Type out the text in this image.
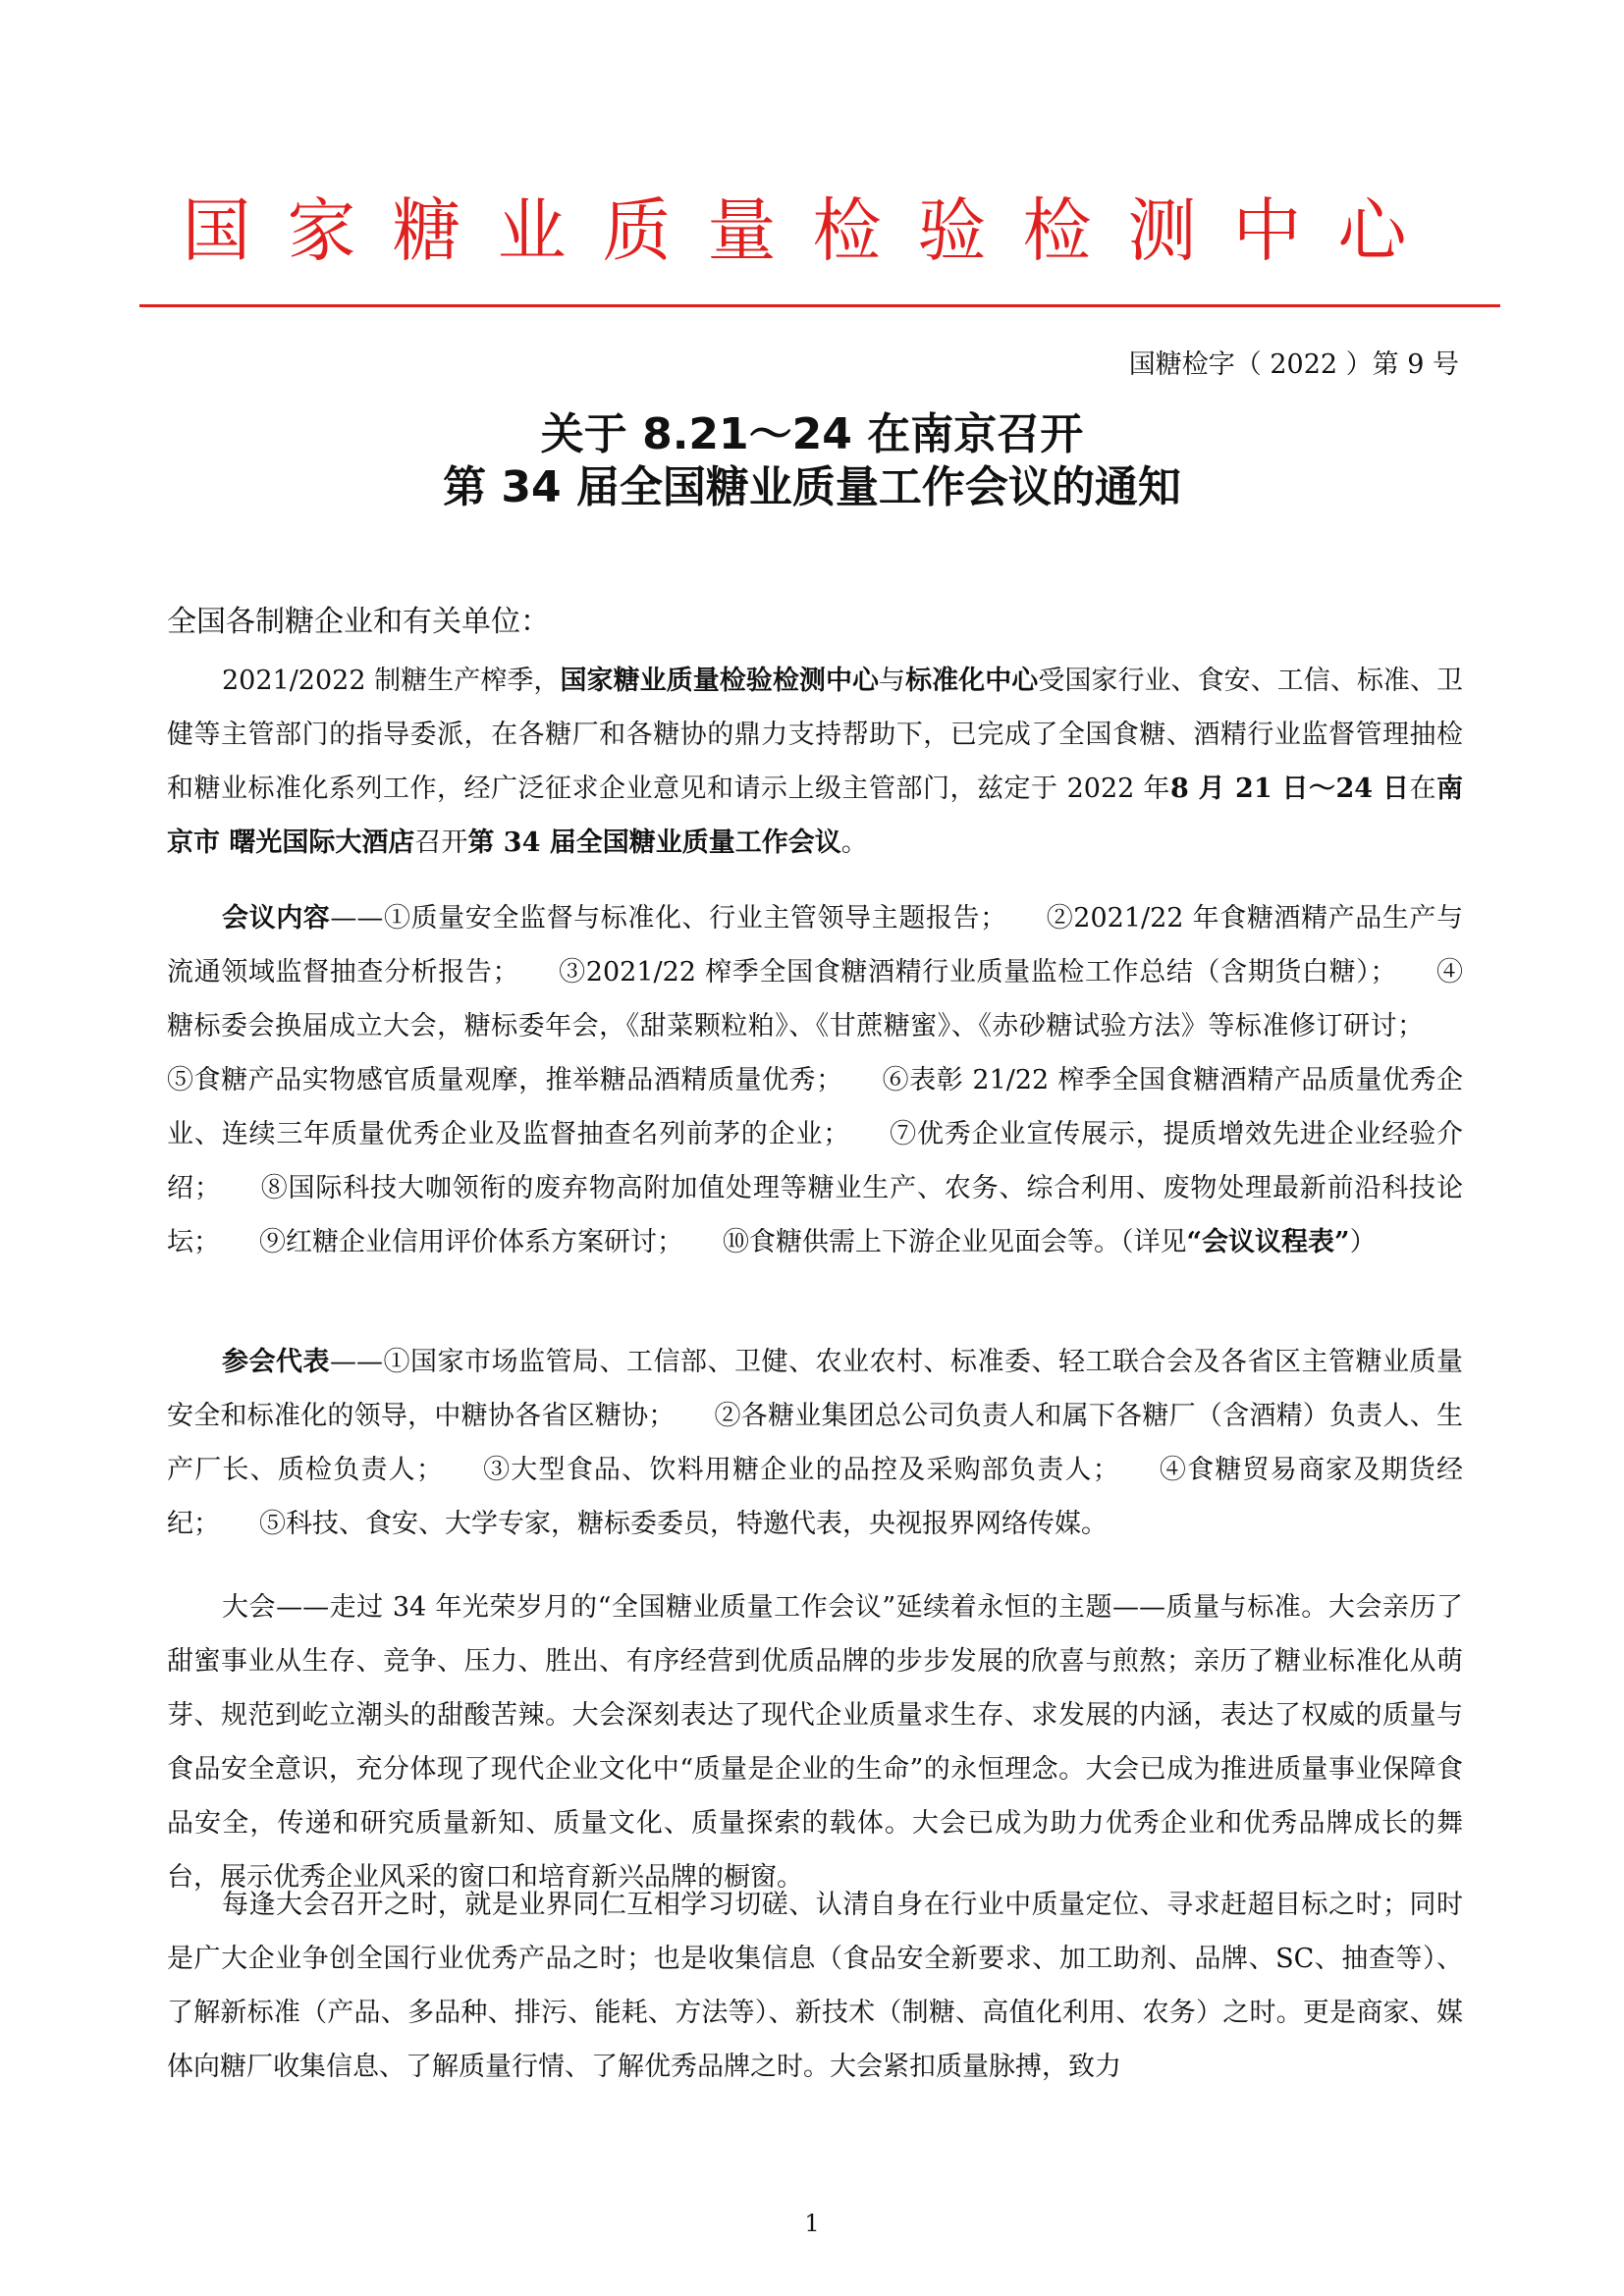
国家糖业质量检验检测中心
国糖检字（ 2022 ）第 9 号
关于 8.21～24 在南京召开
第 34 届全国糖业质量工作会议的通知
全国各制糖企业和有关单位：

2021/2022 制糖生产榨季，国家糖业质量检验检测中心与标准化中心受国家行业、食安、工信、标准、卫健等主管部门的指导委派，在各糖厂和各糖协的鼎力支持帮助下，已完成了全国食糖、酒精行业监督管理抽检和糖业标准化系列工作，经广泛征求企业意见和请示上级主管部门，兹定于 2022 年8 月 21 日～24 日在南京市 曙光国际大酒店召开第 34 届全国糖业质量工作会议。

会议内容——①质量安全监督与标准化、行业主管领导主题报告； ②2021/22 年食糖酒精产品生产与流通领域监督抽查分析报告； ③2021/22 榨季全国食糖酒精行业质量监检工作总结（含期货白糖）； ④糖标委会换届成立大会，糖标委年会，《甜菜颗粒粕》、《甘蔗糖蜜》、《赤砂糖试验方法》等标准修订研讨；⑤食糖产品实物感官质量观摩，推举糖品酒精质量优秀； ⑥表彰 21/22 榨季全国食糖酒精产品质量优秀企业、连续三年质量优秀企业及监督抽查名列前茅的企业； ⑦优秀企业宣传展示，提质增效先进企业经验介绍； ⑧国际科技大咖领衔的废弃物高附加值处理等糖业生产、农务、综合利用、废物处理最新前沿科技论坛； ⑨红糖企业信用评价体系方案研讨； ⑩食糖供需上下游企业见面会等。（详见“会议议程表”）

参会代表——①国家市场监管局、工信部、卫健、农业农村、标准委、轻工联合会及各省区主管糖业质量安全和标准化的领导，中糖协各省区糖协； ②各糖业集团总公司负责人和属下各糖厂（含酒精）负责人、生产厂长、质检负责人； ③大型食品、饮料用糖企业的品控及采购部负责人； ④食糖贸易商家及期货经纪； ⑤科技、食安、大学专家，糖标委委员，特邀代表，央视报界网络传媒。

大会——走过 34 年光荣岁月的“全国糖业质量工作会议”延续着永恒的主题——质量与标准。大会亲历了甜蜜事业从生存、竞争、压力、胜出、有序经营到优质品牌的步步发展的欣喜与煎熬；亲历了糖业标准化从萌芽、规范到屹立潮头的甜酸苦辣。大会深刻表达了现代企业质量求生存、求发展的内涵，表达了权威的质量与食品安全意识，充分体现了现代企业文化中“质量是企业的生命”的永恒理念。大会已成为推进质量事业保障食品安全，传递和研究质量新知、质量文化、质量探索的载体。大会已成为助力优秀企业和优秀品牌成长的舞台，展示优秀企业风采的窗口和培育新兴品牌的橱窗。

每逢大会召开之时，就是业界同仁互相学习切磋、认清自身在行业中质量定位、寻求赶超目标之时；同时是广大企业争创全国行业优秀产品之时；也是收集信息（食品安全新要求、加工助剂、品牌、SC、抽查等）、了解新标准（产品、多品种、排污、能耗、方法等）、新技术（制糖、高值化利用、农务）之时。更是商家、媒体向糖厂收集信息、了解质量行情、了解优秀品牌之时。大会紧扣质量脉搏，致力

1
